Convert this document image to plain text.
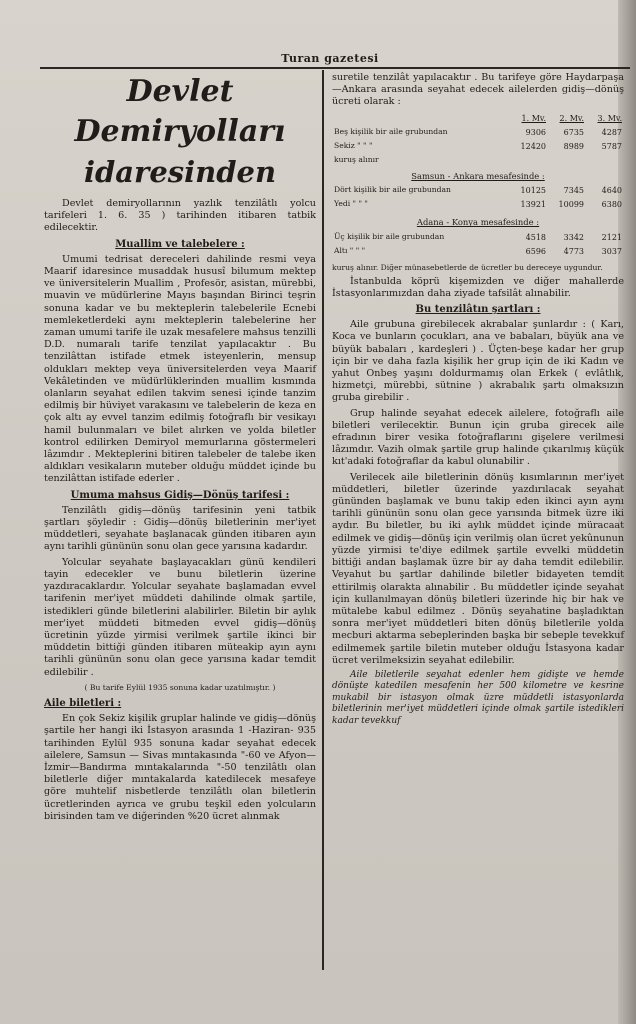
Turan gazetesi
Devlet Demiryolları
idaresinden

Devlet demiryollarının yazlık tenzilâtlı yolcu tarifeleri 1. 6. 35 ) tarihinden itibaren tatbik edilecektir.

Muallim ve talebelere :

Umumi tedrisat dereceleri dahilinde resmi veya Maarif idaresince musaddak hususî bilumum mektep ve üniversitelerin Muallim , Profesör, asistan, mürebbi, muavin ve müdürlerine Mayıs başından Birinci teşrin sonuna kadar ve bu mekteplerin talebelerile Ecnebi memleketlerdeki aynı mekteplerin talebelerine her zaman umumi tarife ile uzak mesafelere mahsus tenzilli D.D. numaralı tarife tenzilat yapılacaktır . Bu tenzilâttan istifade etmek isteyenlerin, mensup oldukları mektep veya üniversitelerden veya Maarif Vekâletinden ve müdürlüklerinden muallim kısmında olanların seyahat edilen takvim senesi içinde tanzim edilmiş bir hüviyet varakasını ve talebelerin de keza en çok altı ay evvel tanzim edilmiş fotoğraflı bir vesikayı hamil bulunmaları ve bilet alırken ve yolda biletler kontrol edilirken Demiryol memurlarına göstermeleri lâzımdır . Mekteplerini bitiren talebeler de talebe iken aldıkları vesikaların muteber olduğu müddet içinde bu tenzilâttan istifade ederler .

Umuma mahsus Gidiş—Dönüş tarifesi :

Tenzilâtlı gidiş—dönüş tarifesinin yeni tatbik şartları şöyledir : Gidiş—dönüş biletlerinin mer'iyet müddetleri, seyahate başlanacak günden itibaren ayın aynı tarihli gününün sonu olan gece yarısına kadardır.

Yolcular seyahate başlayacakları günü kendileri tayin edecekler ve bunu biletlerin üzerine yazdıracaklardır. Yolcular seyahate başlamadan evvel tarifenin mer'iyet müddeti dahilinde olmak şartile, istedikleri günde biletlerini alabilirler. Biletin bir aylık mer'iyet müddeti bitmeden evvel gidiş—dönüş ücretinin yüzde yirmisi verilmek şartile ikinci bir müddetin bittiği günden itibaren müteakip ayın aynı tarihli gününün sonu olan gece yarısına kadar temdit edilebilir .

( Bu tarife Eylül 1935 sonuna kadar uzatılmıştır. )
Aile biletleri :

En çok Sekiz kişilik gruplar halinde ve gidiş—dönüş şartile her hangi iki İstasyon arasında 1 -Haziran- 935 tarihinden Eylül 935 sonuna kadar seyahat edecek ailelere, Samsun — Sivas mıntakasında "-60 ve Afyon—İzmir—Bandırma mıntakalarında "-50 tenzilâtlı olan biletlerle diğer mıntakalarda katedilecek mesafeye göre muhtelif nisbetlerde tenzilâtlı olan biletlerin ücretlerinden ayrıca ve grubu teşkil eden yolcuların birisinden tam ve diğerinden %20 ücret alınmak

suretile tenzilât yapılacaktır . Bu tarifeye göre Haydarpaşa—Ankara arasında seyahat edecek ailelerden gidiş—dönüş ücreti olarak :

	1. Mv.	2. Mv.	3. Mv.
Beş kişilik bir aile grubundan	9306	6735	4287
Sekiz " " "	12420	8989	5787
kuruş alınır			
Samsun - Ankara mesafesinde :
Dört kişilik bir aile grubundan	10125	7345	4640
Yedi " " "	13921	10099	6380
Adana - Konya mesafesinde :
Üç kişilik bir aile grubundan	4518	3342	2121
Altı " " "	6596	4773	3037

kuruş alınır. Diğer münasebetlerde de ücretler bu dereceye uygundur.

İstanbulda köprü kişemizden ve diğer mahallerde İstasyonlarımızdan daha ziyade tafsilât alınabilir.

Bu tenzilâtın şartları :

Aile grubuna girebilecek akrabalar şunlardır : ( Karı, Koca ve bunların çocukları, ana ve babaları, büyük ana ve büyük babaları , kardeşleri ) . Üçten-beşe kadar her grup için bir ve daha fazla kişilik her grup için de iki Kadın ve yahut Onbeş yaşını doldurmamış olan Erkek ( evlâtlık, hizmetçi, mürebbi, sütnine ) akrabalık şartı olmaksızın gruba girebilir .

Grup halinde seyahat edecek ailelere, fotoğraflı aile biletleri verilecektir. Bunun için gruba girecek aile efradının birer vesika fotoğraflarını gişelere verilmesi lâzımdır. Vazih olmak şartile grup halinde çıkarılmış küçük kıt'adaki fotoğraflar da kabul olunabilir .

Verilecek aile biletlerinin dönüş kısımlarının mer'iyet müddetleri, biletler üzerinde yazdırılacak seyahat gününden başlamak ve bunu takip eden ikinci ayın aynı tarihli gününün sonu olan gece yarısında bitmek üzre iki aydır. Bu biletler, bu iki aylık müddet içinde müracaat edilmek ve gidiş—dönüş için verilmiş olan ücret yekûnunun yüzde yirmisi te'diye edilmek şartile evvelki müddetin bittiği andan başlamak üzre bir ay daha temdit edilebilir. Veyahut bu şartlar dahilinde biletler bidayeten temdit ettirilmiş olarakta alınabilir . Bu müddetler içinde seyahat için kullanılmayan dönüş biletleri üzerinde hiç bir hak ve mütalebe kabul edilmez . Dönüş seyahatine başladıktan sonra mer'iyet müddetleri biten dönüş biletlerile yolda mecburi aktarma sebeplerinden başka bir sebeple tevekkuf edilmemek şartile biletin muteber olduğu İstasyona kadar ücret verilmeksizin seyahat edilebilir.

Aile biletlerile seyahat edenler hem gidişte ve hemde dönüşte katedilen mesafenin her 500 kilometre ve kesrine mukabil bir istasyon olmak üzre müddetli istasyonlarda biletlerinin mer'iyet müddetleri içinde olmak şartile istedikleri kadar tevekkuf
